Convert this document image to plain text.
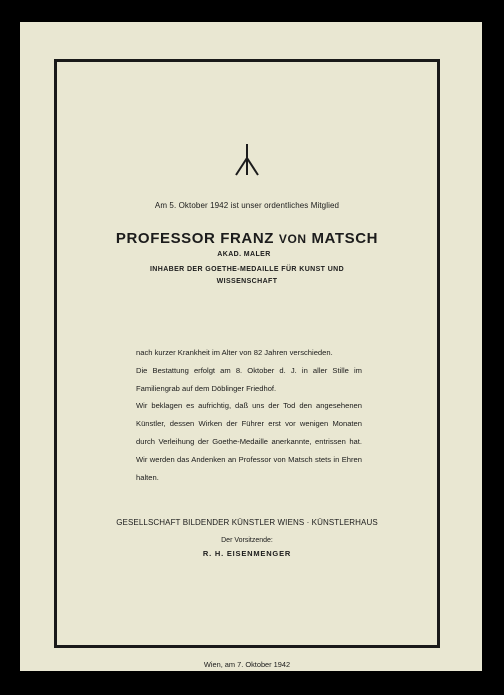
Am 5. Oktober 1942 ist unser ordentliches Mitglied
PROFESSOR FRANZ VON MATSCH
AKAD. MALER
INHABER DER GOETHE-MEDAILLE FÜR KUNST UND
WISSENSCHAFT

nach kurzer Krankheit im Alter von 82 Jahren verschieden.

Die Bestattung erfolgt am 8. Oktober d. J. in aller Stille im Familiengrab auf dem Döblinger Friedhof.

Wir beklagen es aufrichtig, daß uns der Tod den angesehenen Künstler, dessen Wirken der Führer erst vor wenigen Monaten durch Verleihung der Goethe-Medaille anerkannte, entrissen hat. Wir werden das Andenken an Professor von Matsch stets in Ehren halten.

GESELLSCHAFT BILDENDER KÜNSTLER WIENS · KÜNSTLERHAUS
Der Vorsitzende:
R. H. EISENMENGER
Wien, am 7. Oktober 1942
